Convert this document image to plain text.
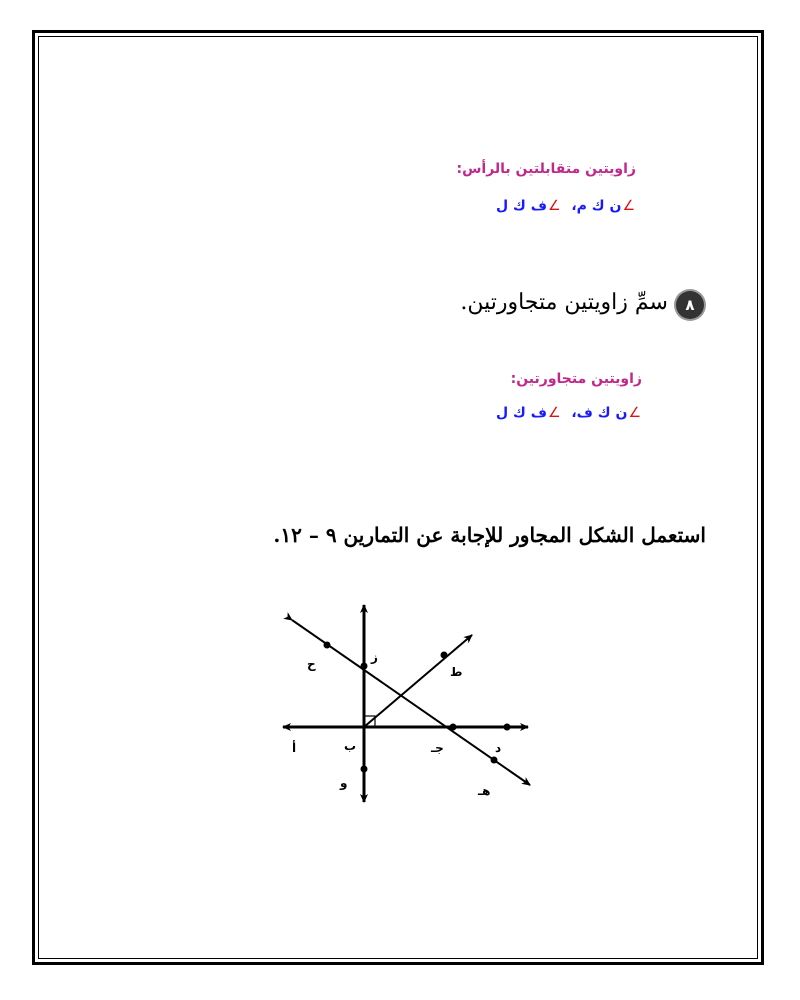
زاويتين متقابلتين بالرأس:
∠ن ك م،  ∠ف ك ل
٨سمِّ زاويتين متجاورتين.
زاويتين متجاورتين:
∠ن ك ف،  ∠ف ك ل
استعمل الشكل المجاور للإجابة عن التمارين ٩ – ١٢.
أ	ب	جـ	د
هـ
و
ز
ح
ط
